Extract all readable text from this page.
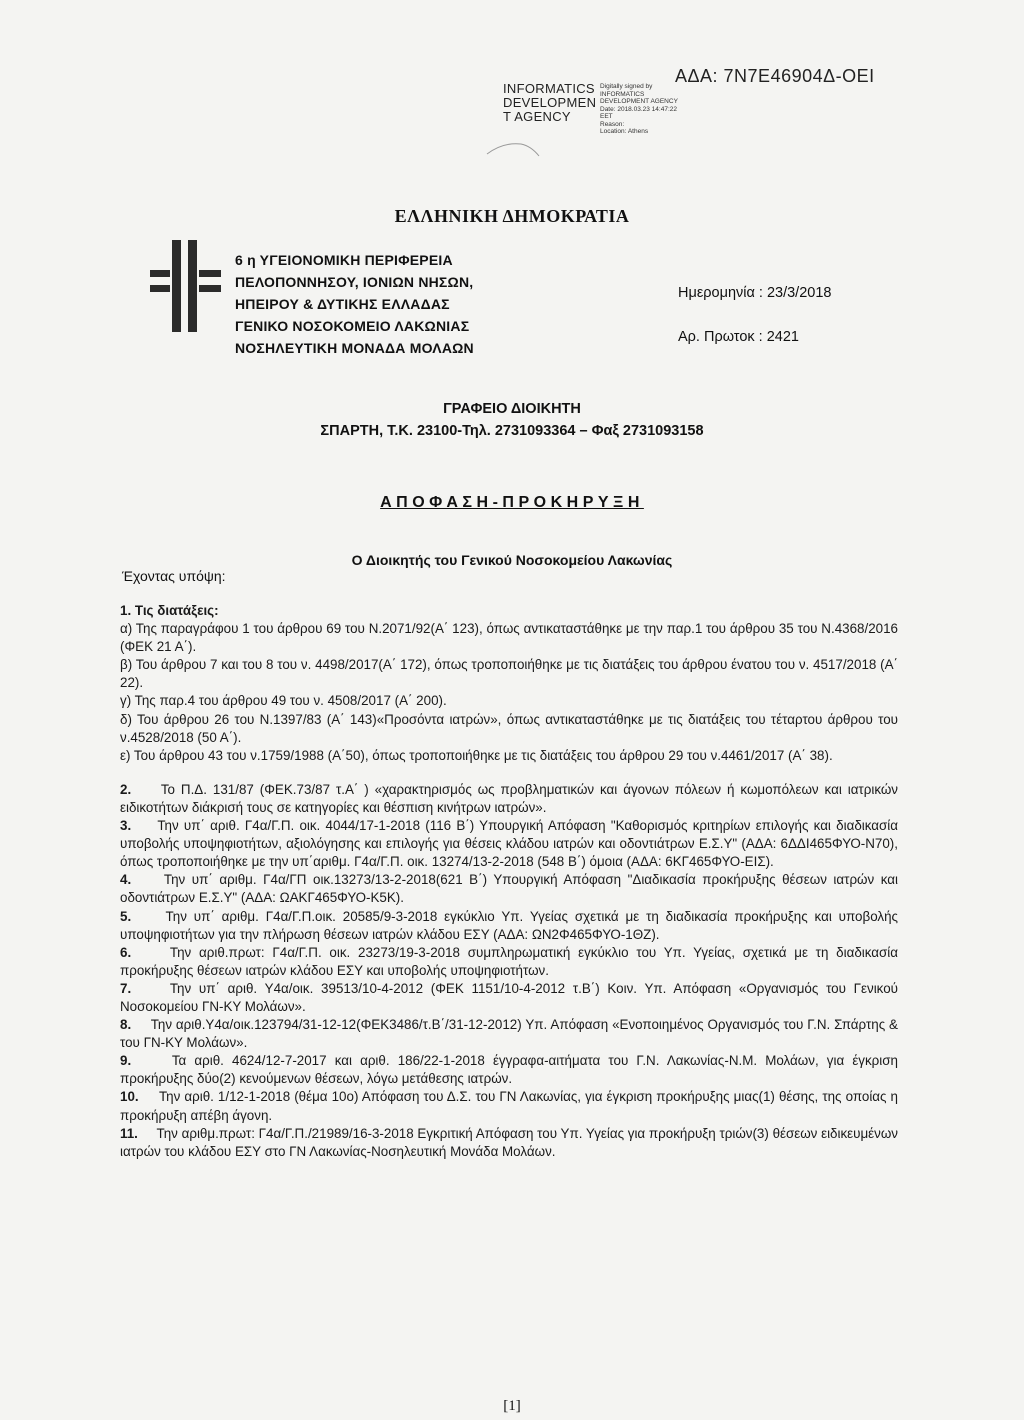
INFORMATICS
DEVELOPMEN
T AGENCY
Digitally signed by
INFORMATICS
DEVELOPMENT AGENCY
Date: 2018.03.23 14:47:22
EET
Reason:
Location: Athens
ΑΔΑ: 7Ν7Ε46904Δ-ΟΕΙ
ΕΛΛΗΝΙΚΗ ΔΗΜΟΚΡΑΤΙΑ
6 η ΥΓΕΙΟΝΟΜΙΚΗ ΠΕΡΙΦΕΡΕΙΑ
ΠΕΛΟΠΟΝΝΗΣΟΥ, ΙΟΝΙΩΝ ΝΗΣΩΝ,
ΗΠΕΙΡΟΥ & ΔΥΤΙΚΗΣ ΕΛΛΑΔΑΣ
ΓΕΝΙΚΟ ΝΟΣΟΚΟΜΕΙΟ ΛΑΚΩΝΙΑΣ
ΝΟΣΗΛΕΥΤΙΚΗ ΜΟΝΑΔΑ ΜΟΛΑΩΝ
Ημερομηνία : 23/3/2018
Αρ. Πρωτοκ : 2421
ΓΡΑΦΕΙΟ ΔΙΟΙΚΗΤΗ
ΣΠΑΡΤΗ, Τ.Κ. 23100-Τηλ. 2731093364 – Φαξ 2731093158
ΑΠΟΦΑΣΗ-ΠΡΟΚΗΡΥΞΗ
Έχοντας υπόψη:
Ο Διοικητής του Γενικού Νοσοκομείου Λακωνίας
1. Τις διατάξεις:
α) Της παραγράφου 1 του άρθρου 69 του Ν.2071/92(Α΄ 123), όπως αντικαταστάθηκε με την παρ.1 του άρθρου 35 του Ν.4368/2016 (ΦΕΚ 21 Α΄).
β) Του άρθρου 7 και του 8 του ν. 4498/2017(Α΄ 172), όπως τροποποιήθηκε με τις διατάξεις του άρθρου ένατου του ν. 4517/2018 (Α΄ 22).
γ) Της παρ.4 του άρθρου 49 του ν. 4508/2017 (Α΄ 200).
δ) Του άρθρου 26 του Ν.1397/83 (Α΄ 143)«Προσόντα ιατρών», όπως αντικαταστάθηκε με τις διατάξεις του τέταρτου άρθρου του ν.4528/2018 (50 Α΄).
ε) Του άρθρου 43 του ν.1759/1988 (Α΄50), όπως τροποποιήθηκε με τις διατάξεις του άρθρου 29 του ν.4461/2017 (Α΄ 38).
2. Το Π.Δ. 131/87 (ΦΕΚ.73/87 τ.Α΄ ) «χαρακτηρισμός ως προβληματικών και άγονων πόλεων ή κωμοπόλεων και ιατρικών ειδικοτήτων διάκρισή τους σε κατηγορίες και θέσπιση κινήτρων ιατρών».
3. Την υπ΄ αριθ. Γ4α/Γ.Π. οικ. 4044/17-1-2018 (116 Β΄) Υπουργική Απόφαση "Καθορισμός κριτηρίων επιλογής και διαδικασία υποβολής υποψηφιοτήτων, αξιολόγησης και επιλογής για θέσεις κλάδου ιατρών και οδοντιάτρων Ε.Σ.Υ" (ΑΔΑ: 6ΔΔΙ465ΦΥΟ-Ν70), όπως τροποποιήθηκε με την υπ΄αριθμ. Γ4α/Γ.Π. οικ. 13274/13-2-2018 (548 Β΄) όμοια (ΑΔΑ: 6ΚΓ465ΦΥΟ-ΕΙΣ).
4. Την υπ΄ αριθμ. Γ4α/ΓΠ οικ.13273/13-2-2018(621 Β΄) Υπουργική Απόφαση "Διαδικασία προκήρυξης θέσεων ιατρών και οδοντιάτρων Ε.Σ.Υ" (ΑΔΑ: ΩΑΚΓ465ΦΥΟ-Κ5Κ).
5.	Την υπ΄ αριθμ. Γ4α/Γ.Π.οικ. 20585/9-3-2018 εγκύκλιο Υπ. Υγείας σχετικά με τη διαδικασία προκήρυξης και υποβολής υποψηφιοτήτων για την πλήρωση θέσεων ιατρών κλάδου ΕΣΥ (ΑΔΑ: ΩΝ2Φ465ΦΥΟ-1ΘΖ).
6.	Την αριθ.πρωτ: Γ4α/Γ.Π. οικ. 23273/19-3-2018 συμπληρωματική εγκύκλιο του Υπ. Υγείας, σχετικά με τη διαδικασία προκήρυξης θέσεων ιατρών κλάδου ΕΣΥ και υποβολής υποψηφιοτήτων.
7.	Την υπ΄ αριθ. Υ4α/οικ. 39513/10-4-2012 (ΦΕΚ 1151/10-4-2012 τ.Β΄) Κοιν. Υπ. Απόφαση «Οργανισμός του Γενικού Νοσοκομείου ΓΝ-ΚΥ Μολάων».
8. Την αριθ.Υ4α/οικ.123794/31-12-12(ΦΕΚ3486/τ.Β΄/31-12-2012) Υπ. Απόφαση «Ενοποιημένος Οργανισμός του Γ.Ν. Σπάρτης & του ΓΝ-ΚΥ Μολάων».
9.	Τα αριθ. 4624/12-7-2017 και αριθ. 186/22-1-2018 έγγραφα-αιτήματα του Γ.Ν. Λακωνίας-Ν.Μ. Μολάων, για έγκριση προκήρυξης δύο(2) κενούμενων θέσεων, λόγω μετάθεσης ιατρών.
10. Την αριθ. 1/12-1-2018 (θέμα 10ο) Απόφαση του Δ.Σ. του ΓΝ Λακωνίας, για έγκριση προκήρυξης μιας(1) θέσης, της οποίας η προκήρυξη απέβη άγονη.
11. Την αριθμ.πρωτ: Γ4α/Γ.Π./21989/16-3-2018 Εγκριτική Απόφαση του Υπ. Υγείας για προκήρυξη τριών(3) θέσεων ειδικευμένων ιατρών του κλάδου ΕΣΥ στο ΓΝ Λακωνίας-Νοσηλευτική Μονάδα Μολάων.
[1]
